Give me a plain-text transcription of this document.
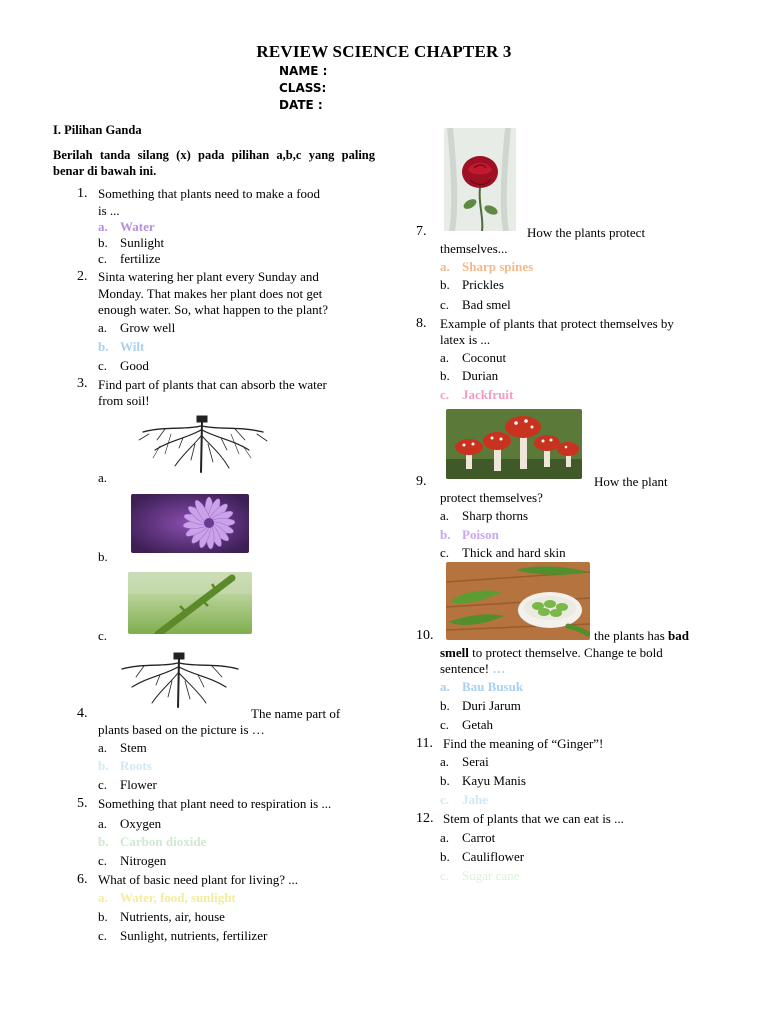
REVIEW SCIENCE CHAPTER 3
NAME :
CLASS:
DATE :
I. Pilihan Ganda
Berilah tanda silang (x) pada pilihan a,b,c yang paling benar di bawah ini.
1. Something that plants need to make a food
is ...
a. Water
b. Sunlight
c. fertilize
2. Sinta watering her plant every Sunday and
Monday. That makes her plant does not get
enough water. So, what happen to the plant?
a. Grow well
b. Wilt
c. Good
3. Find part of plants that can absorb the water
from soil!
a.
b.
c.
4.	The name part of
plants based on the picture is …
a. Stem
b. Roots
c. Flower
5. Something that plant need to respiration is ...
a. Oxygen
b. Carbon dioxide
c. Nitrogen
6. What of basic need plant for living? ...
a. Water, food, sunlight
b. Nutrients, air, house
c. Sunlight, nutrients, fertilizer
7.	How the plants protect
themselves...
a. Sharp spines
b. Prickles
c. Bad smel
8. Example of plants that protect themselves by
latex is ...
a. Coconut
b. Durian
c. Jackfruit
9.	How the plant
protect themselves?
a. Sharp thorns
b. Poison
c. Thick and hard skin
10.	the plants has bad
smell to protect themselve. Change te bold
sentence! …
a. Bau Busuk
b. Duri Jarum
c. Getah
11. Find the meaning of “Ginger”!
a. Serai
b. Kayu Manis
c. Jahe
12. Stem of plants that we can eat is ...
a. Carrot
b. Cauliflower
c. Sugar cane
